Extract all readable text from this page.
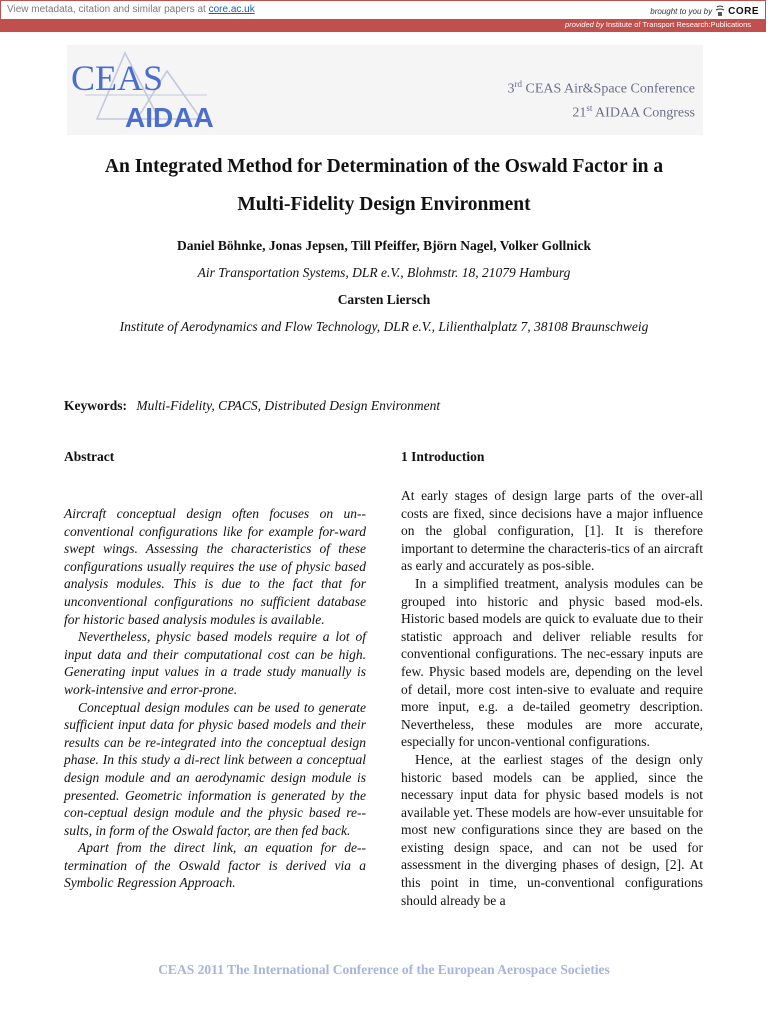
View metadata, citation and similar papers at core.ac.uk	brought to you by CORE
provided by Institute of Transport Research:Publications
CEAS
AIDAA
3rd CEAS Air&Space Conference
21st AIDAA Congress
An Integrated Method for Determination of the Oswald Factor in a
Multi-Fidelity Design Environment
Daniel Böhnke, Jonas Jepsen, Till Pfeiffer, Björn Nagel, Volker Gollnick
Air Transportation Systems, DLR e.V., Blohmstr. 18, 21079 Hamburg
Carsten Liersch
Institute of Aerodynamics and Flow Technology, DLR e.V., Lilienthalplatz 7, 38108 Braunschweig
Keywords: Multi-Fidelity, CPACS, Distributed Design Environment
Abstract	1 Introduction

Aircraft conceptual design often focuses on un-conventional configurations like for example for-ward swept wings. Assessing the characteristics of these configurations usually requires the use of physic based analysis modules. This is due to the fact that for unconventional configurations no sufficient database for historic based analysis modules is available.

Nevertheless, physic based models require a lot of input data and their computational cost can be high. Generating input values in a trade study manually is work-intensive and error-prone.

Conceptual design modules can be used to generate sufficient input data for physic based models and their results can be re-integrated into the conceptual design phase. In this study a di-rect link between a conceptual design module and an aerodynamic design module is presented. Geometric information is generated by the con-ceptual design module and the physic based re-sults, in form of the Oswald factor, are then fed back.

Apart from the direct link, an equation for de-termination of the Oswald factor is derived via a Symbolic Regression Approach.

At early stages of design large parts of the over-all costs are fixed, since decisions have a major influence on the global configuration, [1]. It is therefore important to determine the characteris-tics of an aircraft as early and accurately as pos-sible.

In a simplified treatment, analysis modules can be grouped into historic and physic based mod-els. Historic based models are quick to evaluate due to their statistic approach and deliver reliable results for conventional configurations. The nec-essary inputs are few. Physic based models are, depending on the level of detail, more cost inten-sive to evaluate and require more input, e.g. a de-tailed geometry description. Nevertheless, these modules are more accurate, especially for uncon-ventional configurations.

Hence, at the earliest stages of the design only historic based models can be applied, since the necessary input data for physic based models is not available yet. These models are how-ever unsuitable for most new configurations since they are based on the existing design space, and can not be used for assessment in the diverging phases of design, [2]. At this point in time, un-conventional configurations should already be a

CEAS 2011 The International Conference of the European Aerospace Societies
